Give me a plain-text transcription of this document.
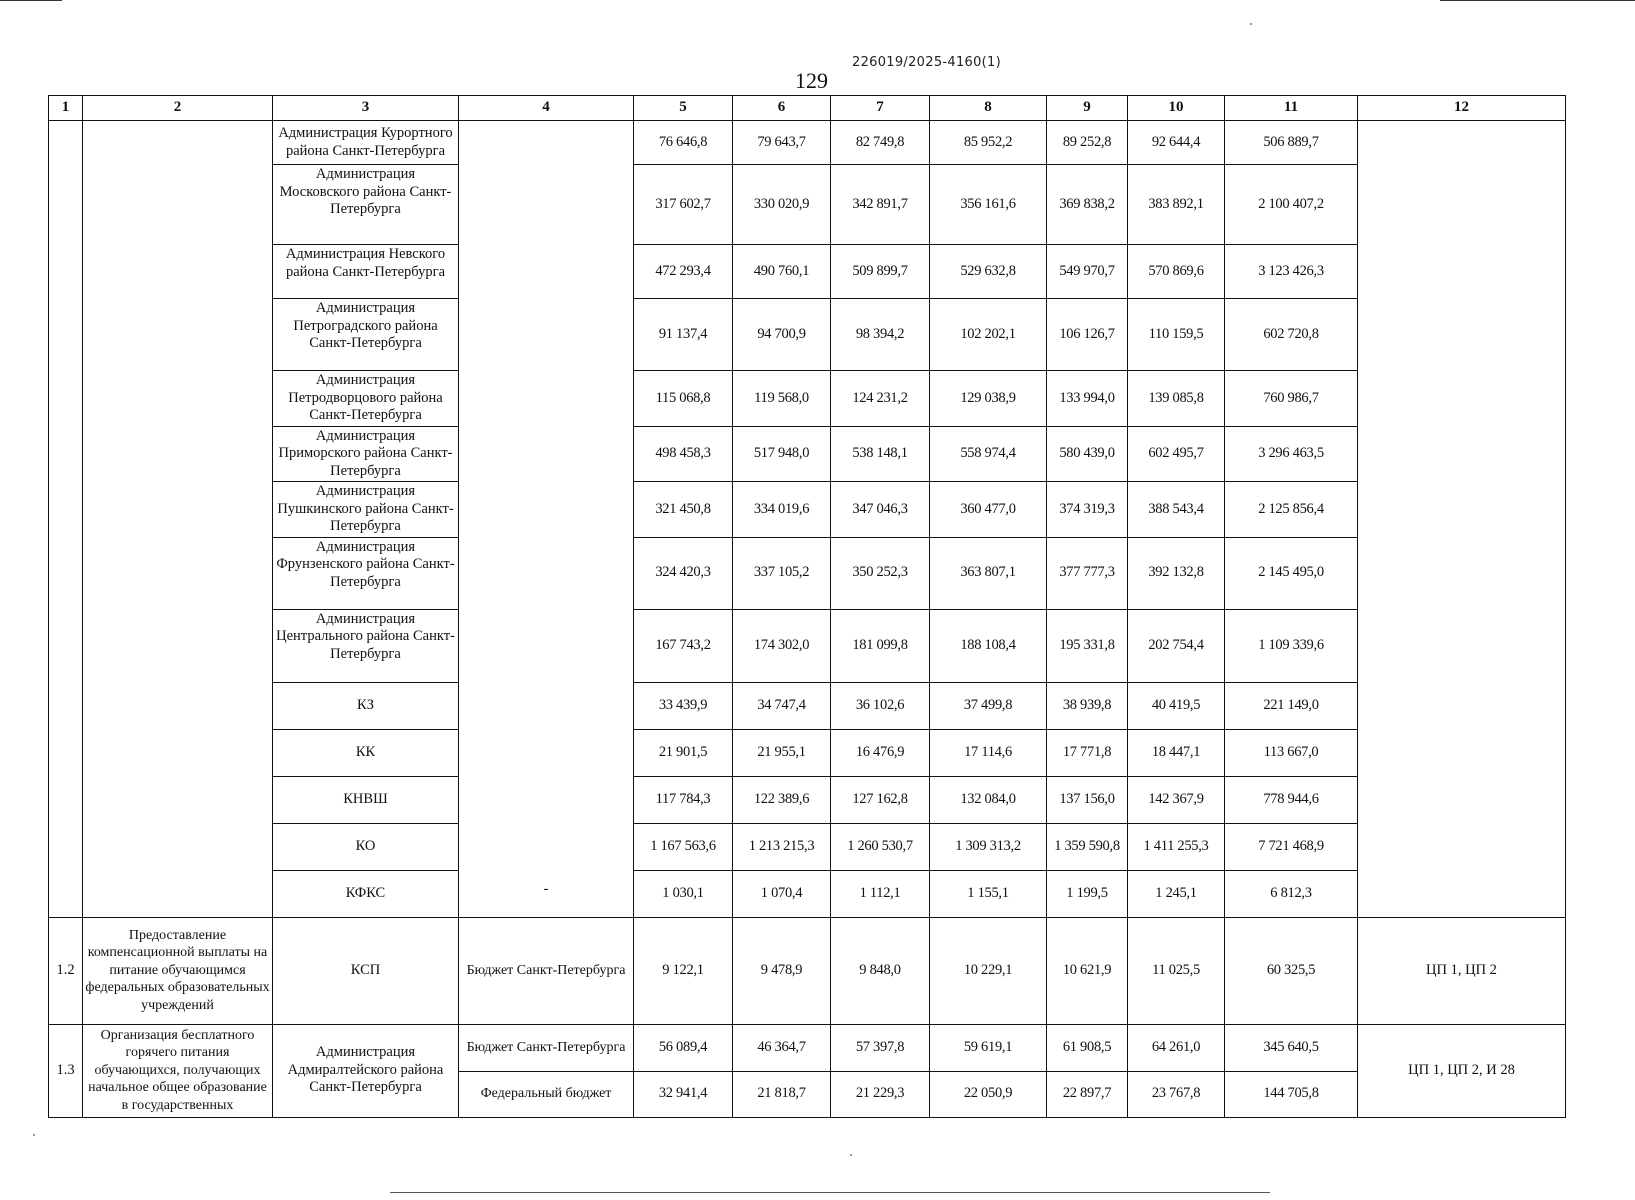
226019/2025-4160(1)
129
1	2	3	4	5	6	7	8	9	10	11	12
		Администрация Курортного района Санкт-Петербурга	-	76 646,8	79 643,7	82 749,8	85 952,2	89 252,8	92 644,4	506 889,7	
		Администрация Московского района Санкт-Петербурга		317 602,7	330 020,9	342 891,7	356 161,6	369 838,2	383 892,1	2 100 407,2	
		Администрация Невского района Санкт-Петербурга		472 293,4	490 760,1	509 899,7	529 632,8	549 970,7	570 869,6	3 123 426,3	
		Администрация Петроградского района Санкт-Петербурга		91 137,4	94 700,9	98 394,2	102 202,1	106 126,7	110 159,5	602 720,8	
		Администрация Петродворцового района Санкт-Петербурга		115 068,8	119 568,0	124 231,2	129 038,9	133 994,0	139 085,8	760 986,7	
		Администрация Приморского района Санкт-Петербурга		498 458,3	517 948,0	538 148,1	558 974,4	580 439,0	602 495,7	3 296 463,5	
		Администрация Пушкинского района Санкт-Петербурга		321 450,8	334 019,6	347 046,3	360 477,0	374 319,3	388 543,4	2 125 856,4	
		Администрация Фрунзенского района Санкт-Петербурга		324 420,3	337 105,2	350 252,3	363 807,1	377 777,3	392 132,8	2 145 495,0	
		Администрация Центрального района Санкт-Петербурга		167 743,2	174 302,0	181 099,8	188 108,4	195 331,8	202 754,4	1 109 339,6	
		КЗ		33 439,9	34 747,4	36 102,6	37 499,8	38 939,8	40 419,5	221 149,0	
		КК		21 901,5	21 955,1	16 476,9	17 114,6	17 771,8	18 447,1	113 667,0	
		КНВШ		117 784,3	122 389,6	127 162,8	132 084,0	137 156,0	142 367,9	778 944,6	
		КО		1 167 563,6	1 213 215,3	1 260 530,7	1 309 313,2	1 359 590,8	1 411 255,3	7 721 468,9	
		КФКС		1 030,1	1 070,4	1 112,1	1 155,1	1 199,5	1 245,1	6 812,3	
1.2	Предоставление компенсационной выплаты на питание обучающимся федеральных образовательных учреждений	КСП	Бюджет Санкт-Петербурга	9 122,1	9 478,9	9 848,0	10 229,1	10 621,9	11 025,5	60 325,5	ЦП 1, ЦП 2
1.3	Организация бесплатного горячего питания обучающихся, получающих начальное общее образование в государственных	Администрация Адмиралтейского района Санкт-Петербурга	Бюджет Санкт-Петербурга	56 089,4	46 364,7	57 397,8	59 619,1	61 908,5	64 261,0	345 640,5	ЦП 1, ЦП 2, И 28
			Федеральный бюджет	32 941,4	21 818,7	21 229,3	22 050,9	22 897,7	23 767,8	144 705,8	
